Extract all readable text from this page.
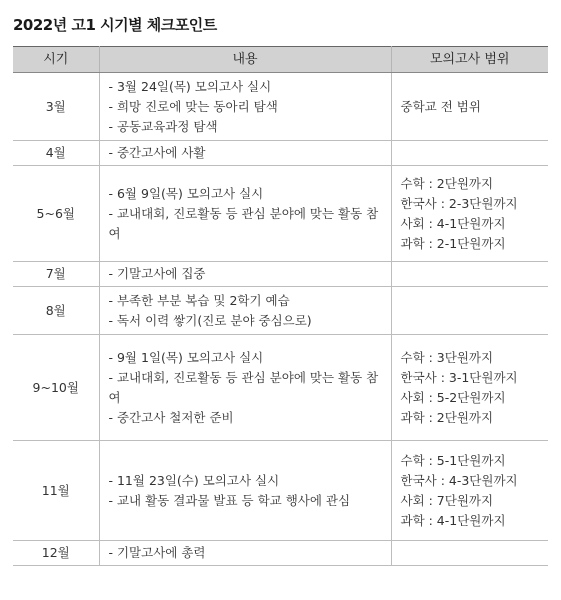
2022년 고1 시기별 체크포인트
시기	내용	모의고사 범위
3월	- 3월 24일(목) 모의고사 실시
- 희망 진로에 맞는 동아리 탐색
- 공동교육과정 탐색	중학교 전 범위

4월	- 중간고사에 사활	

5~6월	- 6월 9일(목) 모의고사 실시
- 교내대회, 진로활동 등 관심 분야에 맞는 활동 참여	수학 : 2단원까지
한국사 : 2-3단원까지
사회 : 4-1단원까지
과학 : 2-1단원까지

7월	- 기말고사에 집중	

8월	- 부족한 부분 복습 및 2학기 예습
- 독서 이력 쌓기(진로 분야 중심으로)	

9~10월	- 9월 1일(목) 모의고사 실시
- 교내대회, 진로활동 등 관심 분야에 맞는 활동 참여
- 중간고사 철저한 준비	수학 : 3단원까지
한국사 : 3-1단원까지
사회 : 5-2단원까지
과학 : 2단원까지

11월	- 11월 23일(수) 모의고사 실시
- 교내 활동 결과물 발표 등 학교 행사에 관심	수학 : 5-1단원까지
한국사 : 4-3단원까지
사회 : 7단원까지
과학 : 4-1단원까지

12월	- 기말고사에 총력	
